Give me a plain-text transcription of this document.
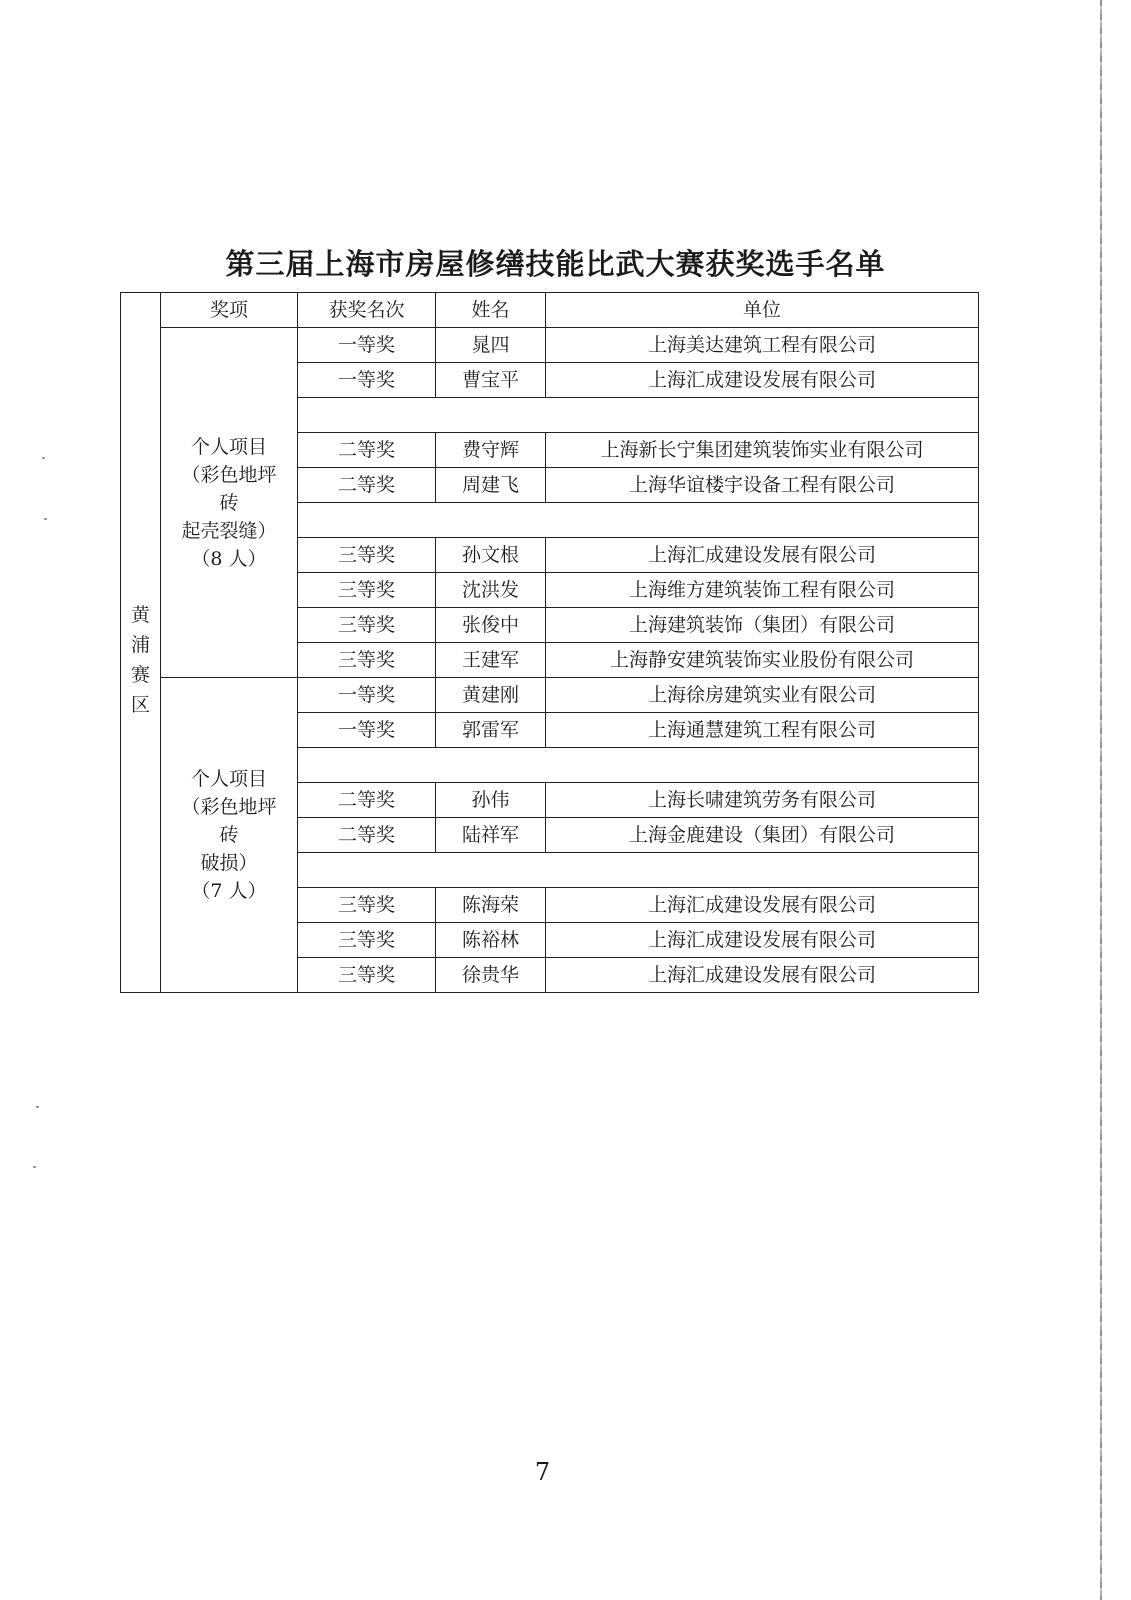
第三届上海市房屋修缮技能比武大赛获奖选手名单
	奖项	获奖名次	姓名	单位
黄浦赛区	个人项目
（彩色地坪
砖
起壳裂缝）
（8 人）	一等奖	晁四	上海美达建筑工程有限公司
		一等奖	曹宝平	上海汇成建设发展有限公司

		二等奖	费守辉	上海新长宁集团建筑装饰实业有限公司
		二等奖	周建飞	上海华谊楼宇设备工程有限公司

		三等奖	孙文根	上海汇成建设发展有限公司
		三等奖	沈洪发	上海维方建筑装饰工程有限公司
		三等奖	张俊中	上海建筑装饰（集团）有限公司
		三等奖	王建军	上海静安建筑装饰实业股份有限公司

	个人项目
（彩色地坪
砖
破损）
（7 人）	一等奖	黄建刚	上海徐房建筑实业有限公司
		一等奖	郭雷军	上海通慧建筑工程有限公司

		二等奖	孙伟	上海长啸建筑劳务有限公司
		二等奖	陆祥军	上海金鹿建设（集团）有限公司

		三等奖	陈海荣	上海汇成建设发展有限公司
		三等奖	陈裕林	上海汇成建设发展有限公司
		三等奖	徐贵华	上海汇成建设发展有限公司
7
